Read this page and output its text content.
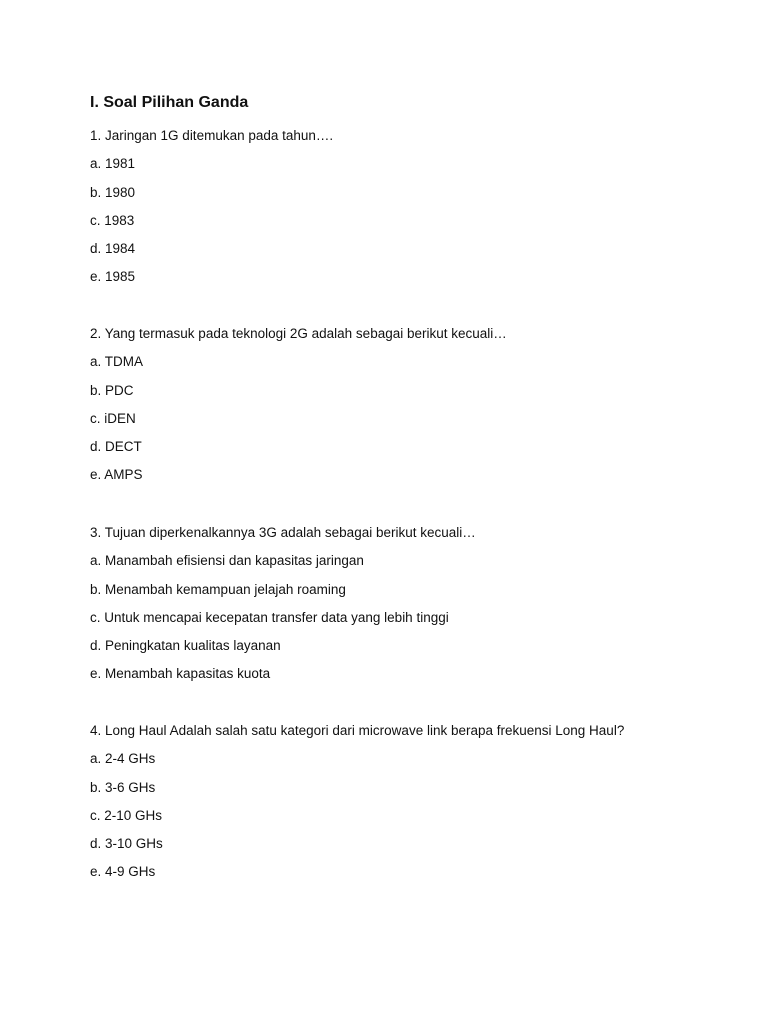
I. Soal Pilihan Ganda
1. Jaringan 1G ditemukan pada tahun….
a. 1981
b. 1980
c. 1983
d. 1984
e. 1985
2. Yang termasuk pada teknologi 2G adalah sebagai berikut kecuali…
a. TDMA
b. PDC
c. iDEN
d. DECT
e. AMPS
3. Tujuan diperkenalkannya 3G adalah sebagai berikut kecuali…
a. Manambah efisiensi dan kapasitas jaringan
b. Menambah kemampuan jelajah roaming
c. Untuk mencapai kecepatan transfer data yang lebih tinggi
d. Peningkatan kualitas layanan
e. Menambah kapasitas kuota
4. Long Haul Adalah salah satu kategori dari microwave link berapa frekuensi Long Haul?
a. 2-4 GHs
b. 3-6 GHs
c. 2-10 GHs
d. 3-10 GHs
e. 4-9 GHs
